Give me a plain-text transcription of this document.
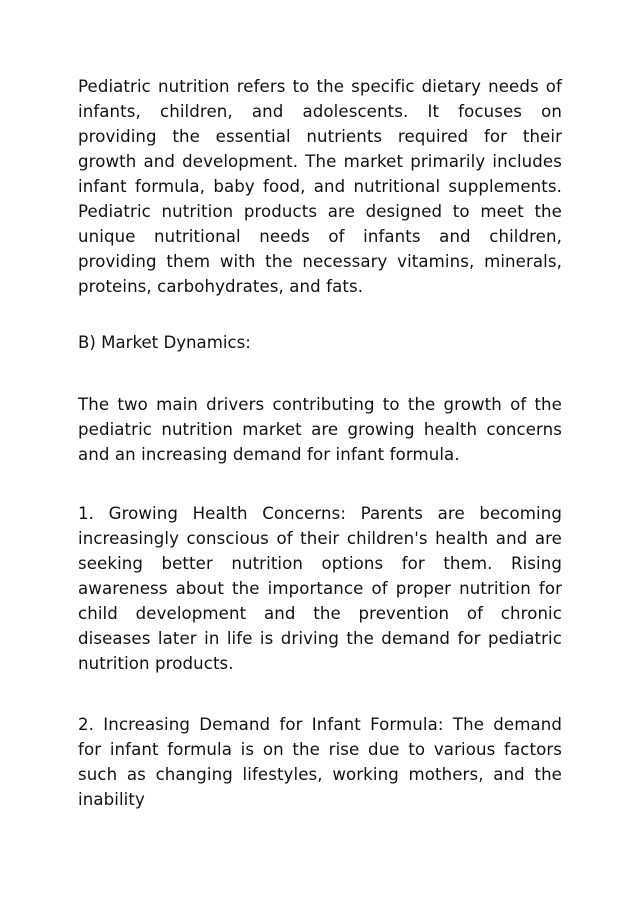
Pediatric nutrition refers to the specific dietary needs of infants, children, and adolescents. It focuses on providing the essential nutrients required for their growth and development. The market primarily includes infant formula, baby food, and nutritional supplements. Pediatric nutrition products are designed to meet the unique nutritional needs of infants and children, providing them with the necessary vitamins, minerals, proteins, carbohydrates, and fats.

B) Market Dynamics:

The two main drivers contributing to the growth of the pediatric nutrition market are growing health concerns and an increasing demand for infant formula.

1. Growing Health Concerns: Parents are becoming increasingly conscious of their children's health and are seeking better nutrition options for them. Rising awareness about the importance of proper nutrition for child development and the prevention of chronic diseases later in life is driving the demand for pediatric nutrition products.

2. Increasing Demand for Infant Formula: The demand for infant formula is on the rise due to various factors such as changing lifestyles, working mothers, and the inability
